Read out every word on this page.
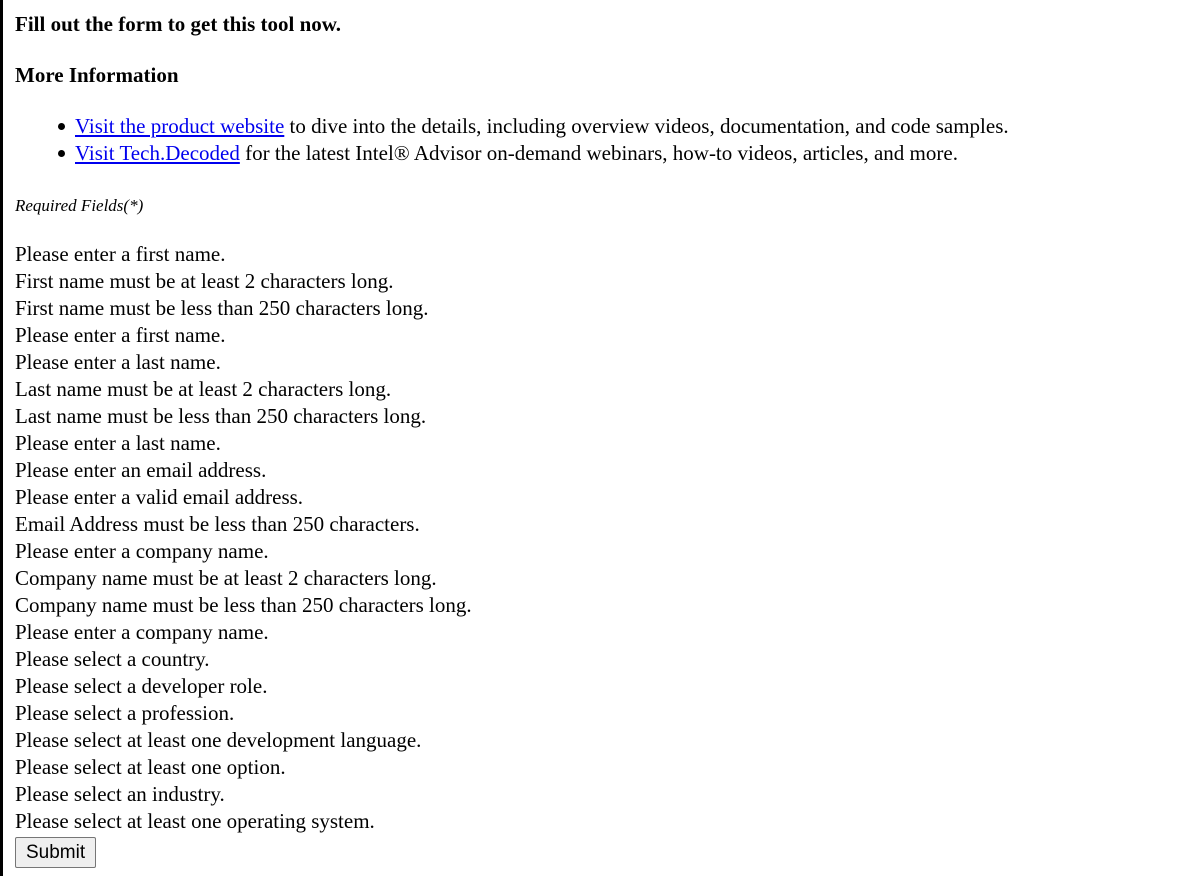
Fill out the form to get this tool now.
More Information
Visit the product website to dive into the details, including overview videos, documentation, and code samples.
Visit Tech.Decoded for the latest Intel® Advisor on-demand webinars, how-to videos, articles, and more.
Required Fields(*)
Please enter a first name.
First name must be at least 2 characters long.
First name must be less than 250 characters long.
Please enter a first name.
Please enter a last name.
Last name must be at least 2 characters long.
Last name must be less than 250 characters long.
Please enter a last name.
Please enter an email address.
Please enter a valid email address.
Email Address must be less than 250 characters.
Please enter a company name.
Company name must be at least 2 characters long.
Company name must be less than 250 characters long.
Please enter a company name.
Please select a country.
Please select a developer role.
Please select a profession.
Please select at least one development language.
Please select at least one option.
Please select an industry.
Please select at least one operating system.
Submit
